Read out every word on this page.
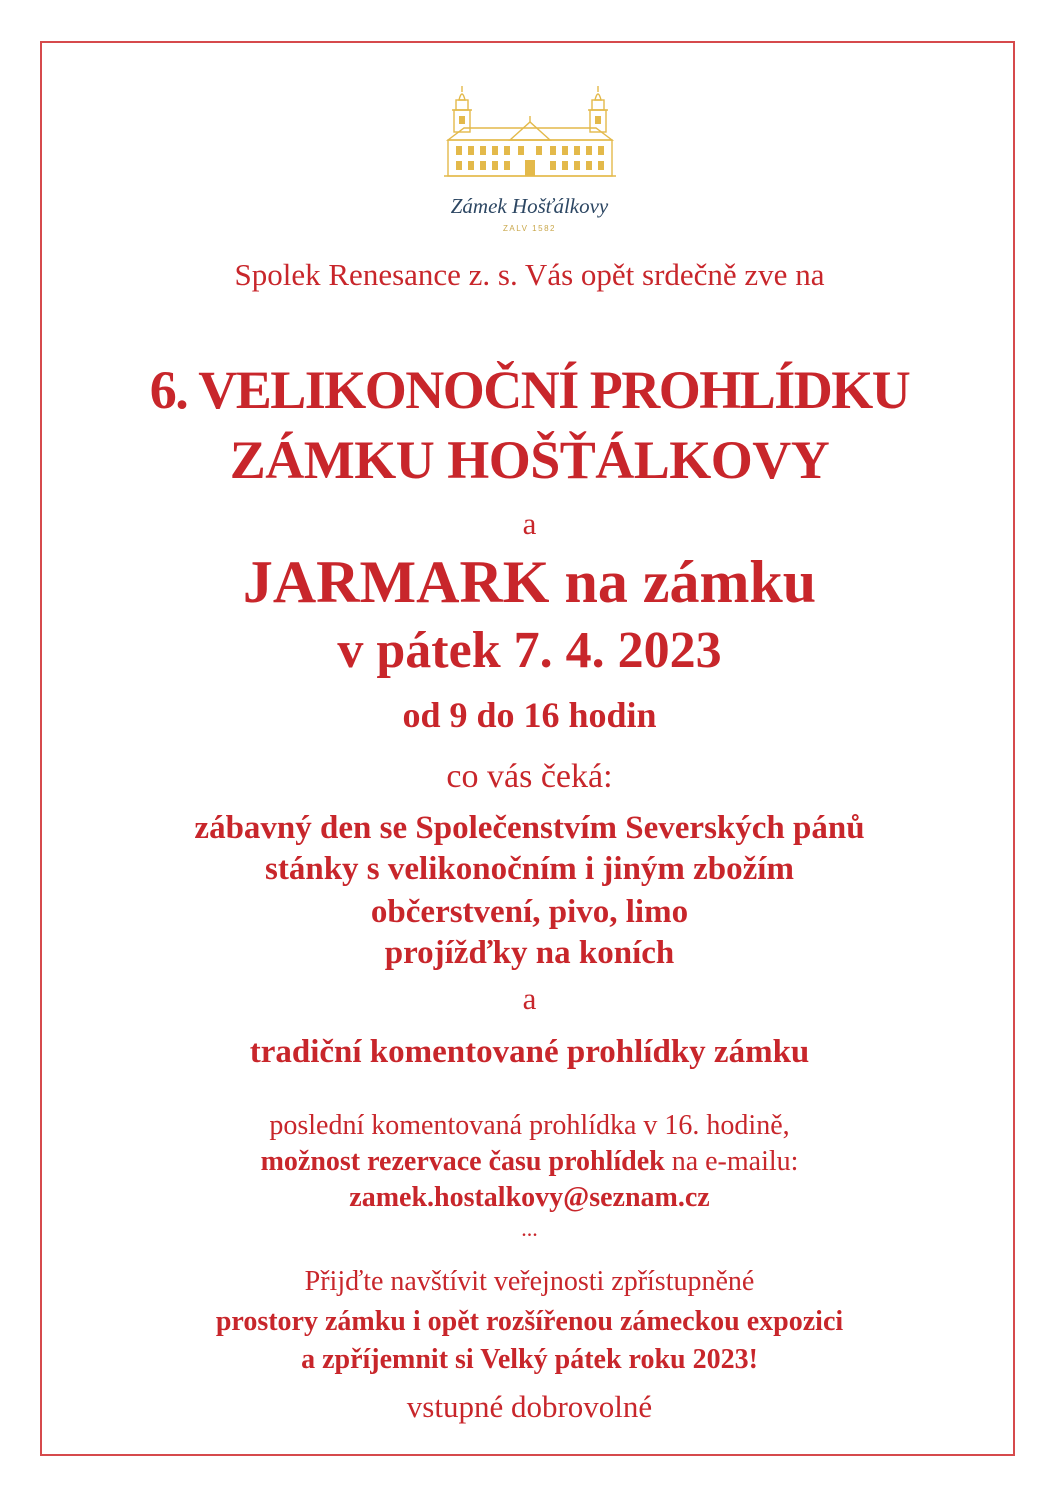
Zámek Hošťálkovy
ZALV 1582
Spolek Renesance z. s. Vás opět srdečně zve na
6. VELIKONOČNÍ PROHLÍDKU
ZÁMKU HOŠŤÁLKOVY
a
JARMARK na zámku
v pátek 7. 4. 2023
od 9 do 16 hodin
co vás čeká:
zábavný den se Společenstvím Severských pánů
stánky s velikonočním i jiným zbožím
občerstvení, pivo, limo
projížďky na koních
a
tradiční komentované prohlídky zámku
poslední komentovaná prohlídka v 16. hodině,
možnost rezervace času prohlídek na e-mailu:
zamek.hostalkovy@seznam.cz
...
Přijďte navštívit veřejnosti zpřístupněné
prostory zámku i opět rozšířenou zámeckou expozici
a zpříjemnit si Velký pátek roku 2023!
vstupné dobrovolné
